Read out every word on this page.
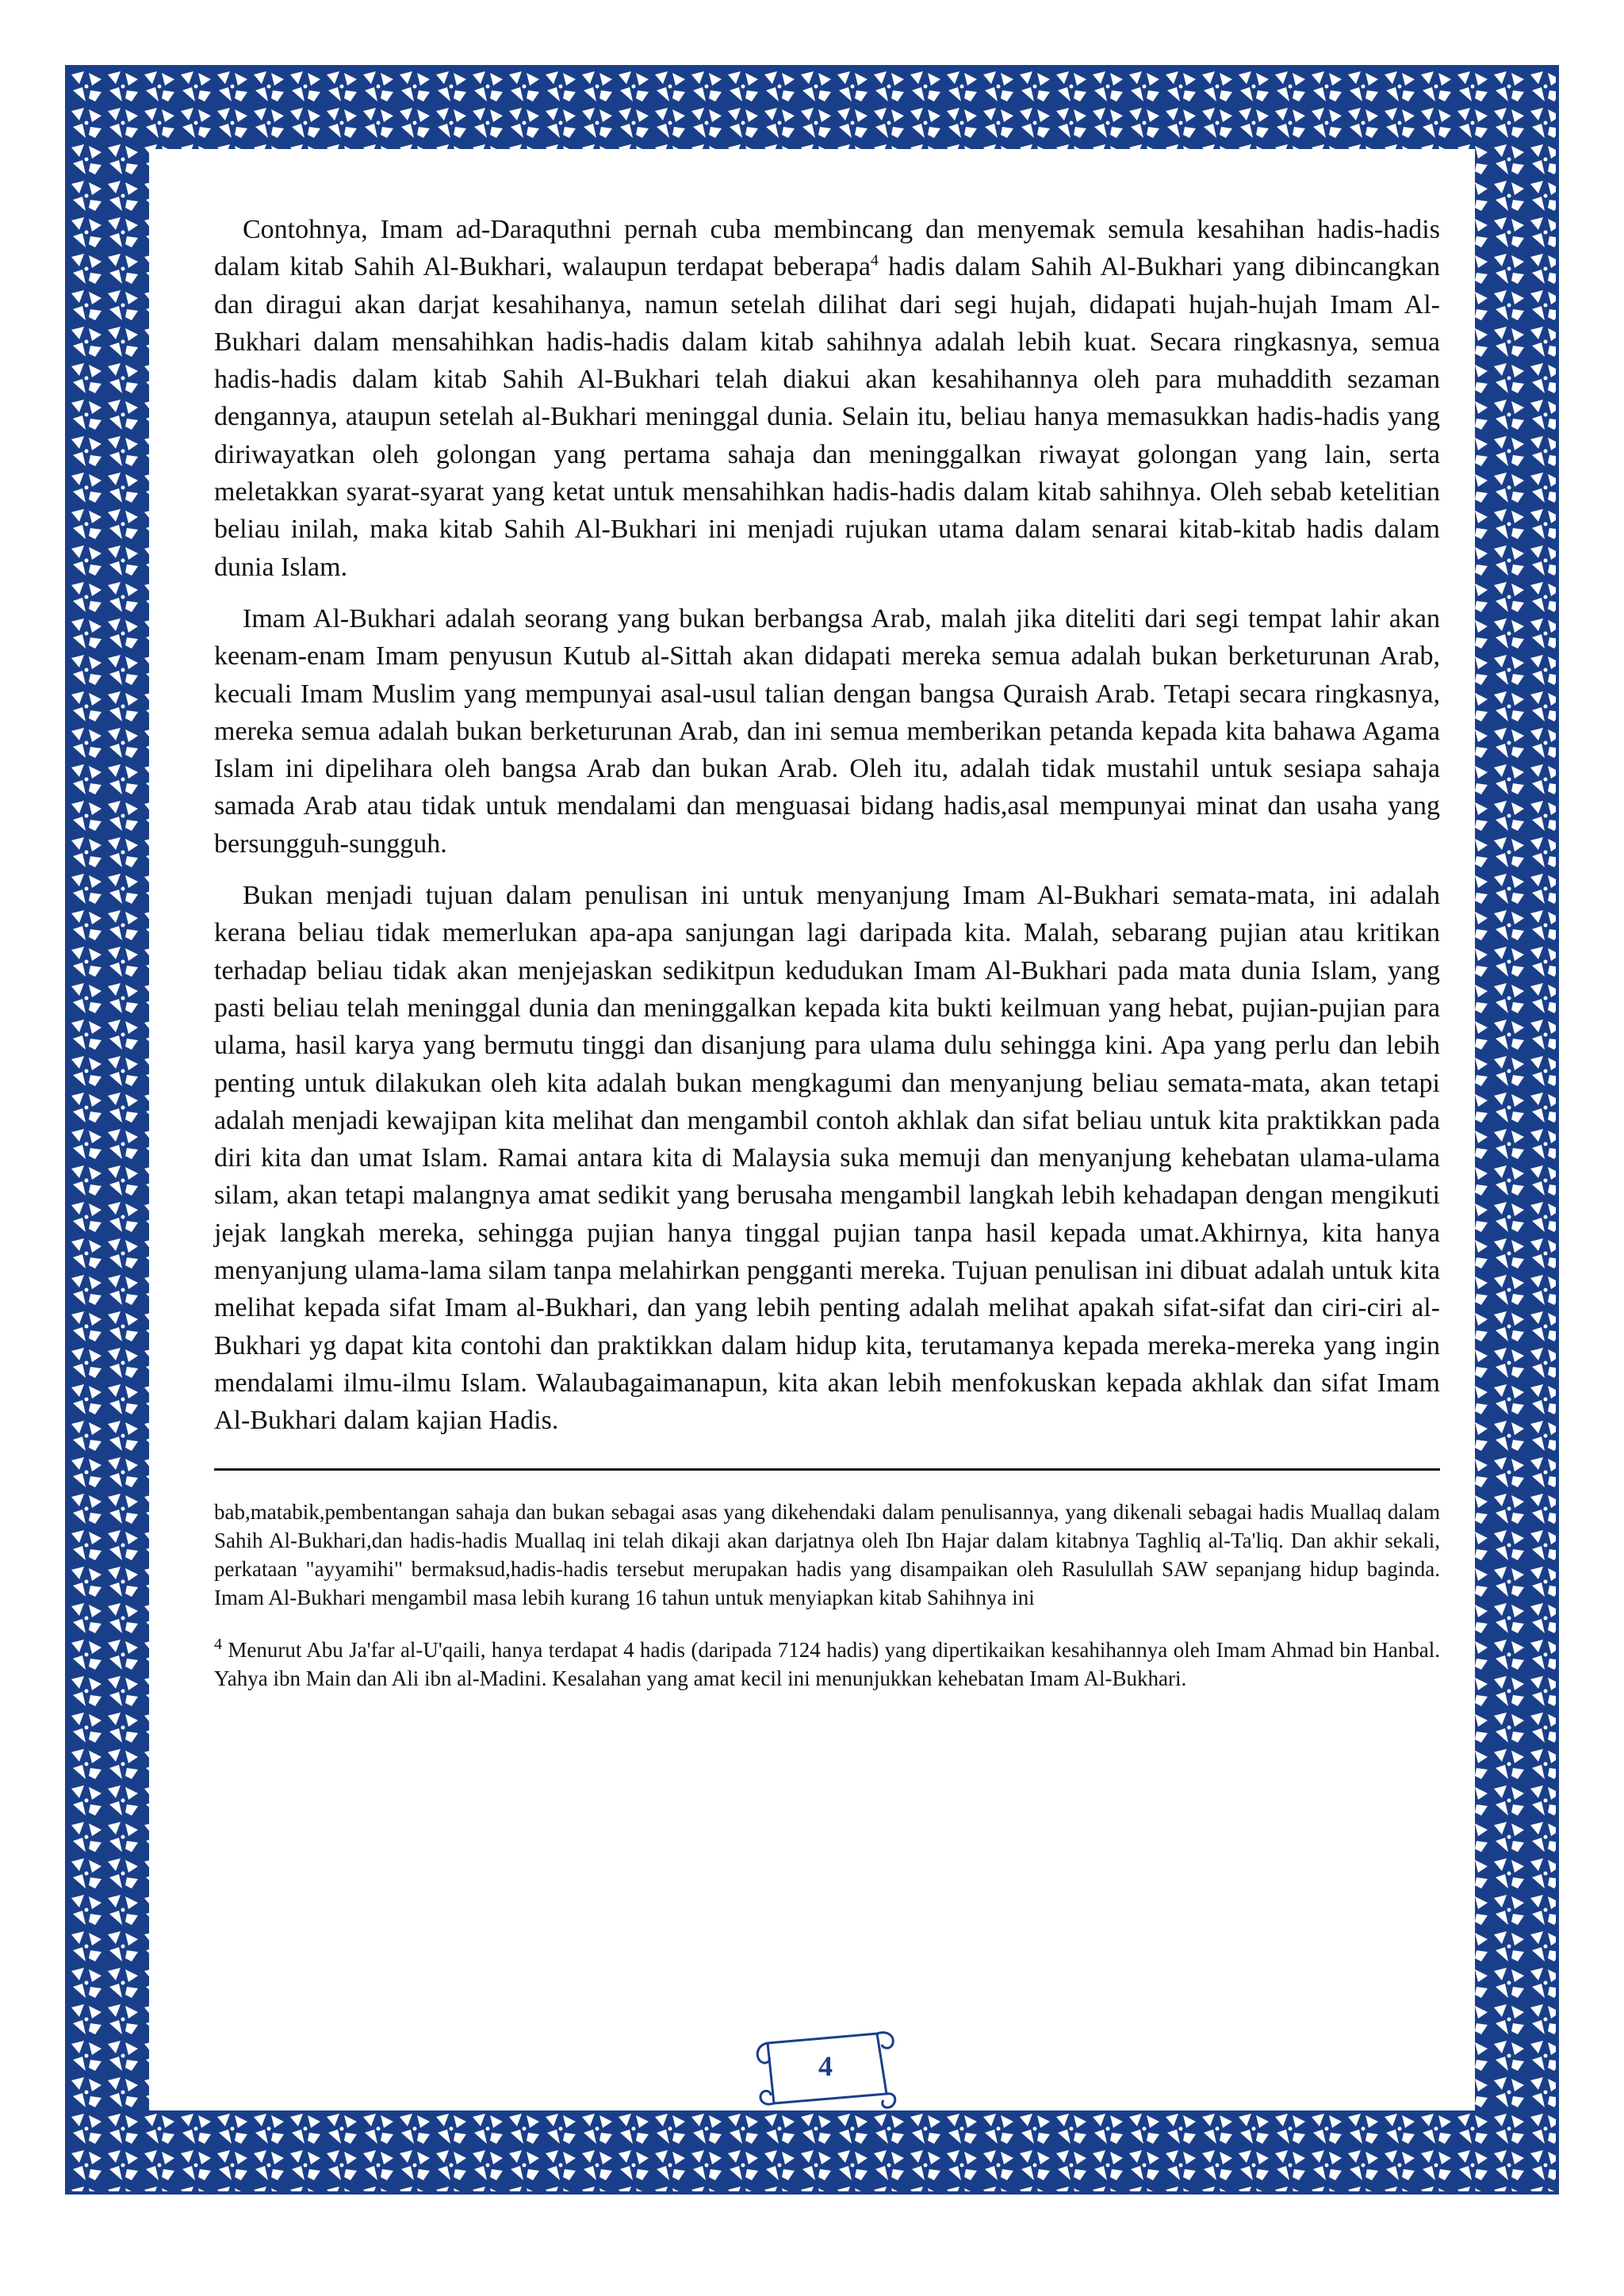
Contohnya, Imam ad-Daraquthni pernah cuba membincang dan menyemak semula kesahihan hadis-hadis dalam kitab Sahih Al-Bukhari, walaupun terdapat beberapa$^4$ hadis dalam Sahih Al-Bukhari yang dibincangkan dan diragui akan darjat kesahihanya, namun setelah dilihat dari segi hujah, didapati hujah-hujah Imam Al-Bukhari dalam mensahihkan hadis-hadis dalam kitab sahihnya adalah lebih kuat. Secara ringkasnya, semua hadis-hadis dalam kitab Sahih Al-Bukhari telah diakui akan kesahihannya oleh para muhaddith sezaman dengannya, ataupun setelah al-Bukhari meninggal dunia. Selain itu, beliau hanya memasukkan hadis-hadis yang diriwayatkan oleh golongan yang pertama sahaja dan meninggalkan riwayat golongan yang lain, serta meletakkan syarat-syarat yang ketat untuk mensahihkan hadis-hadis dalam kitab sahihnya. Oleh sebab ketelitian beliau inilah, maka kitab Sahih Al-Bukhari ini menjadi rujukan utama dalam senarai kitab-kitab hadis dalam dunia Islam.

Imam Al-Bukhari adalah seorang yang bukan berbangsa Arab, malah jika diteliti dari segi tempat lahir akan keenam-enam Imam penyusun Kutub al-Sittah akan didapati mereka semua adalah bukan berketurunan Arab, kecuali Imam Muslim yang mempunyai asal-usul talian dengan bangsa Quraish Arab. Tetapi secara ringkasnya, mereka semua adalah bukan berketurunan Arab, dan ini semua memberikan petanda kepada kita bahawa Agama Islam ini dipelihara oleh bangsa Arab dan bukan Arab. Oleh itu, adalah tidak mustahil untuk sesiapa sahaja samada Arab atau tidak untuk mendalami dan menguasai bidang hadis,asal mempunyai minat dan usaha yang bersungguh-sungguh.

Bukan menjadi tujuan dalam penulisan ini untuk menyanjung Imam Al-Bukhari semata-mata, ini adalah kerana beliau tidak memerlukan apa-apa sanjungan lagi daripada kita. Malah, sebarang pujian atau kritikan terhadap beliau tidak akan menjejaskan sedikitpun kedudukan Imam Al-Bukhari pada mata dunia Islam, yang pasti beliau telah meninggal dunia dan meninggalkan kepada kita bukti keilmuan yang hebat, pujian-pujian para ulama, hasil karya yang bermutu tinggi dan disanjung para ulama dulu sehingga kini. Apa yang perlu dan lebih penting untuk dilakukan oleh kita adalah bukan mengkagumi dan menyanjung beliau semata-mata, akan tetapi adalah menjadi kewajipan kita melihat dan mengambil contoh akhlak dan sifat beliau untuk kita praktikkan pada diri kita dan umat Islam. Ramai antara kita di Malaysia suka memuji dan menyanjung kehebatan ulama-ulama silam, akan tetapi malangnya amat sedikit yang berusaha mengambil langkah lebih kehadapan dengan mengikuti jejak langkah mereka, sehingga pujian hanya tinggal pujian tanpa hasil kepada umat.Akhirnya, kita hanya menyanjung ulama-lama silam tanpa melahirkan pengganti mereka. Tujuan penulisan ini dibuat adalah untuk kita melihat kepada sifat Imam al-Bukhari, dan yang lebih penting adalah melihat apakah sifat-sifat dan ciri-ciri al-Bukhari yg dapat kita contohi dan praktikkan dalam hidup kita, terutamanya kepada mereka-mereka yang ingin mendalami ilmu-ilmu Islam. Walaubagaimanapun, kita akan lebih menfokuskan kepada akhlak dan sifat Imam Al-Bukhari dalam kajian Hadis.

bab,matabik,pembentangan sahaja dan bukan sebagai asas yang dikehendaki dalam penulisannya, yang dikenali sebagai hadis Muallaq dalam Sahih Al-Bukhari,dan hadis-hadis Muallaq ini telah dikaji akan darjatnya oleh Ibn Hajar dalam kitabnya Taghliq al-Ta'liq. Dan akhir sekali, perkataan "ayyamihi" bermaksud,hadis-hadis tersebut merupakan hadis yang disampaikan oleh Rasulullah SAW sepanjang hidup baginda. Imam Al-Bukhari mengambil masa lebih kurang 16 tahun untuk menyiapkan kitab Sahihnya ini

$^4$ Menurut Abu Ja'far al-U'qaili, hanya terdapat 4 hadis (daripada 7124 hadis) yang dipertikaikan kesahihannya oleh Imam Ahmad bin Hanbal. Yahya ibn Main dan Ali ibn al-Madini. Kesalahan yang amat kecil ini menunjukkan kehebatan Imam Al-Bukhari.

4
